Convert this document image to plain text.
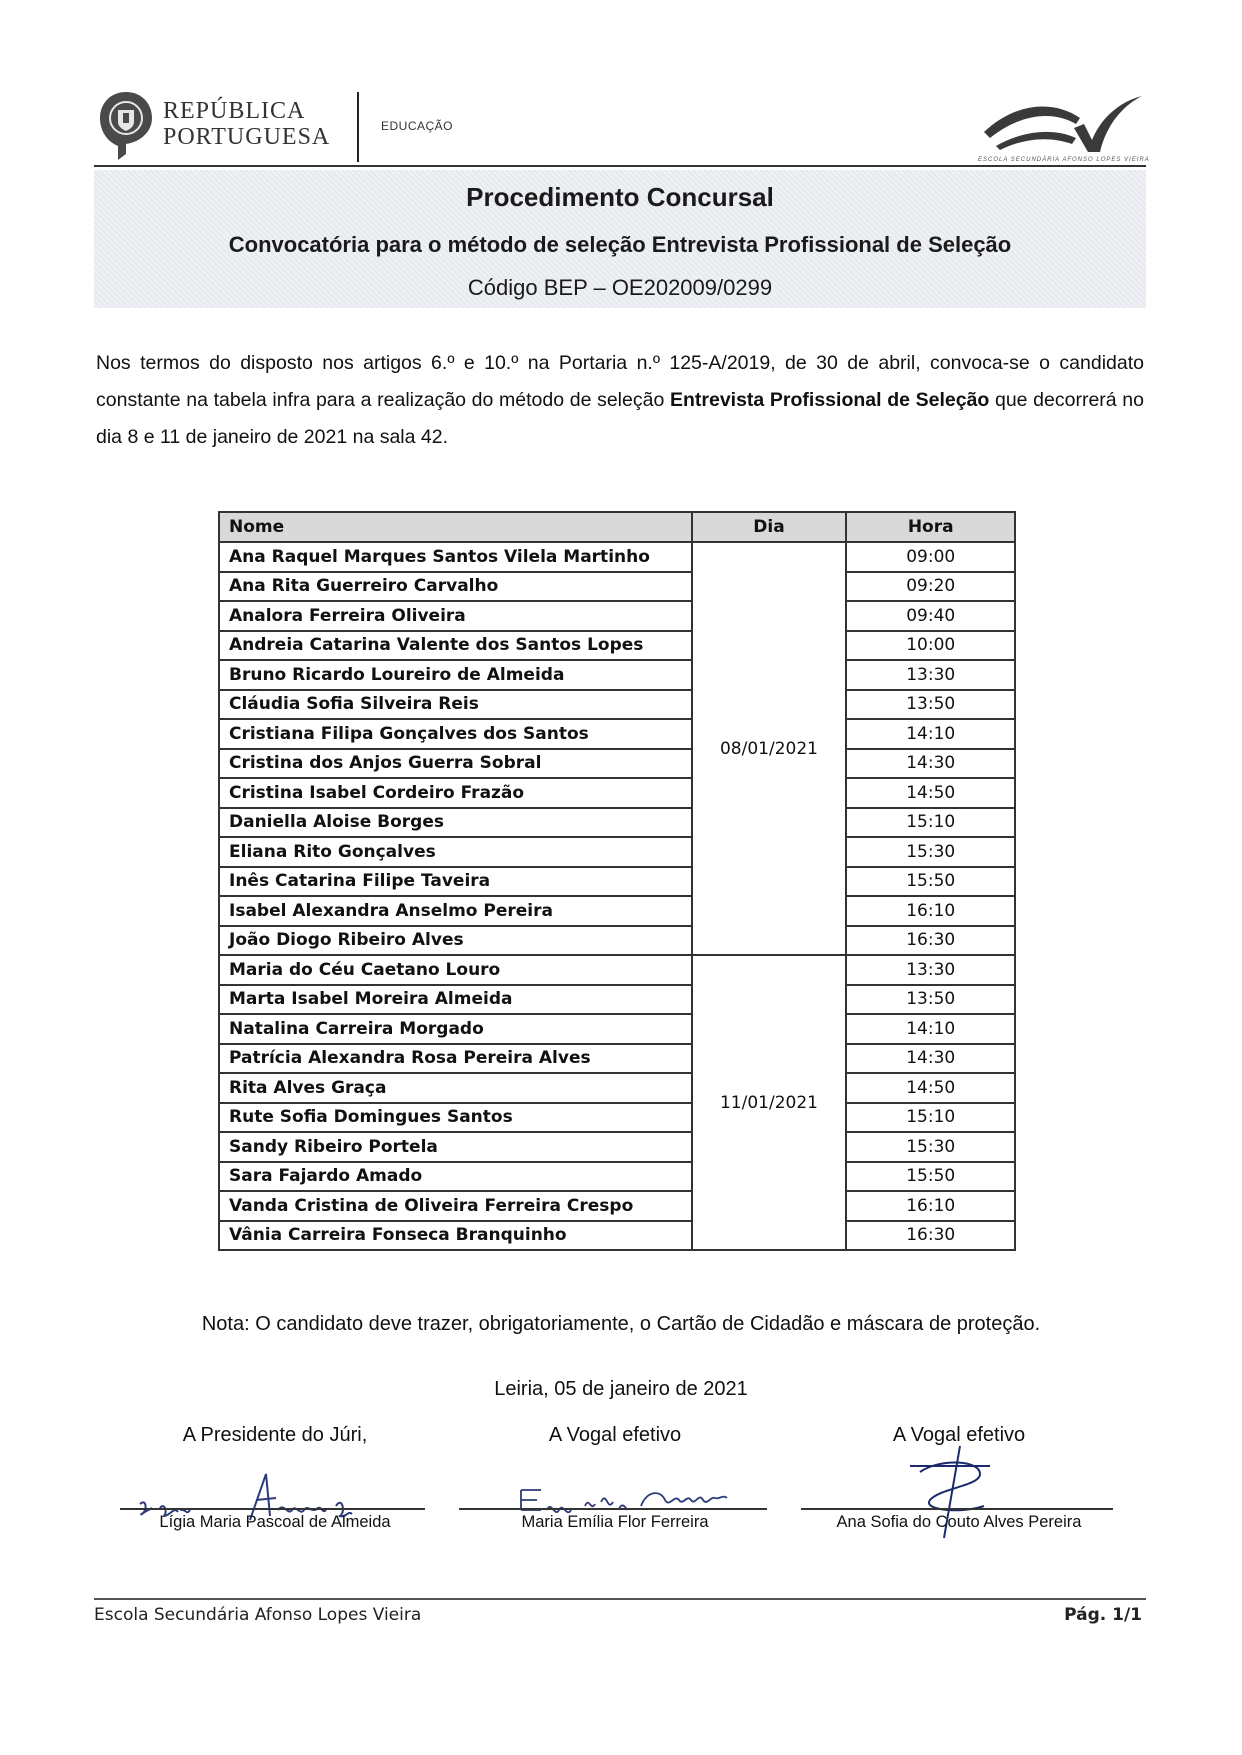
REPÚBLICA
PORTUGUESA	EDUCAÇÃO
ESCOLA SECUNDÁRIA AFONSO LOPES VIEIRA
Procedimento Concursal
Convocatória para o método de seleção Entrevista Profissional de Seleção
Código BEP – OE202009/0299

Nos termos do disposto nos artigos 6.º e 10.º na Portaria n.º 125-A/2019, de 30 de abril, convoca-se o candidato constante na tabela infra para a realização do método de seleção Entrevista Profissional de Seleção que decorrerá no dia 8 e 11 de janeiro de 2021 na sala 42.

Nome	Dia	Hora
Ana Raquel Marques Santos Vilela Martinho	08/01/2021	09:00
Ana Rita Guerreiro Carvalho		09:20
Analora Ferreira Oliveira		09:40
Andreia Catarina Valente dos Santos Lopes		10:00
Bruno Ricardo Loureiro de Almeida		13:30
Cláudia Sofia Silveira Reis		13:50
Cristiana Filipa Gonçalves dos Santos		14:10
Cristina dos Anjos Guerra Sobral		14:30
Cristina Isabel Cordeiro Frazão		14:50
Daniella Aloise Borges		15:10
Eliana Rito Gonçalves		15:30
Inês Catarina Filipe Taveira		15:50
Isabel Alexandra Anselmo Pereira		16:10
João Diogo Ribeiro Alves		16:30
Maria do Céu Caetano Louro	11/01/2021	13:30
Marta Isabel Moreira Almeida		13:50
Natalina Carreira Morgado		14:10
Patrícia Alexandra Rosa Pereira Alves		14:30
Rita Alves Graça		14:50
Rute Sofia Domingues Santos		15:10
Sandy Ribeiro Portela		15:30
Sara Fajardo Amado		15:50
Vanda Cristina de Oliveira Ferreira Crespo		16:10
Vânia Carreira Fonseca Branquinho		16:30
Nota: O candidato deve trazer, obrigatoriamente, o Cartão de Cidadão e máscara de proteção.
Leiria, 05 de janeiro de 2021
A Presidente do Júri,	A Vogal efetivo	A Vogal efetivo
Lígia Maria Pascoal de Almeida	Maria Emília Flor Ferreira	Ana Sofia do Couto Alves Pereira
Escola Secundária Afonso Lopes Vieira	Pág. 1/1
